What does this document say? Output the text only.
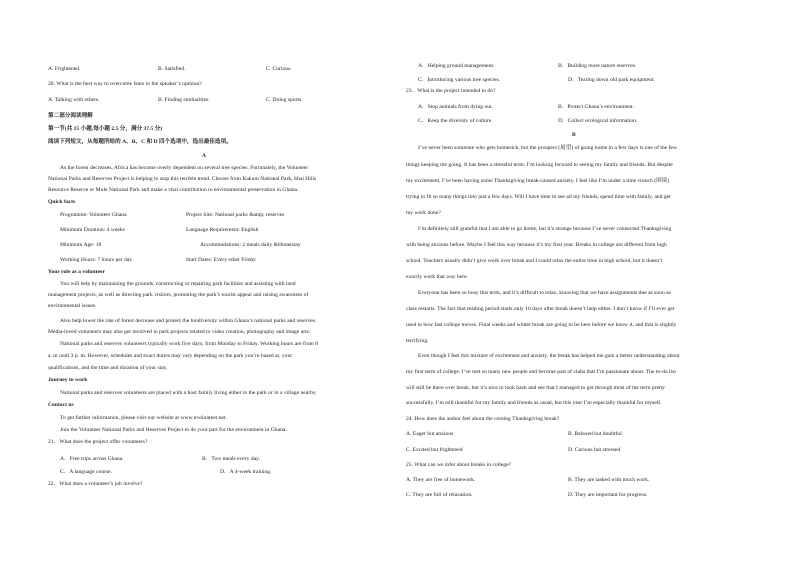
A. Frightened.	B. Satisfied.	C. Curious.
20. What is the best way to overcome fears in the speaker’s opinion?
A. Talking with others.	B. Finding similarities.	C. Doing sports.
第二部分阅读理解
第一节(共 15 小题,每小题 2.5 分，满分 37.5 分)
阅读下列短文，从每题所给的 A、B、C 和 D 四个选项中，选出最佳选项。
A
As the forest decreases, Africa has become overly dependent on several tree species. Fortunately, the Volunteer
National Parks and Reserves Project is helping to stop this terrible trend. Choose from Kakum National Park, Shai Hills
Resource Reserve or Mole National Park and make a vital contribution to environmental preservation in Ghana.
Quick facts
Programme: Volunteer Ghana	Project Site: National parks &amp; reserves
Minimum Duration: 4 weeks	Language Requirement: English
Minimum Age: 18	Accommodations: 2 meals daily &Homestay
Working Hours: 7 hours per day	Start Dates: Every other Friday
Your role as a volunteer
You will help by maintaining the grounds, constructing or repairing park facilities and assisting with land
management projects, as well as directing park visitors, promoting the park’s tourist appeal and raising awareness of
environmental issues.
Also help lower the rate of forest decrease and protect the biodiversity within Ghana’s national parks and reserves.
Media-loved volunteers may also get involved in park projects related to video creation, photography and image arts.
National parks and reserves volunteers typically work five days, from Monday to Friday. Working hours are from 8
a. m until 3 p. m. However, schedules and exact duties may vary depending on the park you’re based at, your
qualifications, and the time and duration of your stay.
Journey to work
National parks and reserves volunteers are placed with a host family living either in the park or in a village nearby.
Contact us
To get further information, please visit our website at www.uvolunteer.net.
Join the Volunteer National Parks and Reserves Project to do your part for the environment in Ghana.
21．What does the project offer volunteers?
A．Free trips across Ghana.	B．Two meals every day.
C．A language course.	D．A 4-week training.
22．What does a volunteer’s job involve?
A．Helping ground management.	B．Building more nature reserves.
C．Introducing various tree species.	D．Tearing down old park equipment.
23．What is the project intended to do?
A．Stop animals from dying out.	B．Protect Ghana’s environment.
C．Keep the diversity of culture.	D．Collect ecological information.
B
I’ve never been someone who gets homesick, but the prospect (展望) of going home in a few days is one of the few
things keeping me going. It has been a stressful term. I’m looking forward to seeing my family and friends. But despite
my excitement, I’ve been having some Thanksgiving break-caused anxiety. I feel like I’m under a time crunch (困境)
trying to fit so many things into just a few days. Will I have time to see all my friends, spend time with family, and get
my work done?
I’m definitely still grateful that I am able to go home, but it’s strange because I’ve never connected Thanksgiving
with being anxious before. Maybe I feel this way because it’s my first year. Breaks in college are different from high
school. Teachers usually didn’t give work over break and I could relax the entire time in high school, but it doesn’t
exactly work that way here.
Everyone has been so busy this term, and it’s difficult to relax, knowing that we have assignments due as soon as
class restarts. The fact that reading period starts only 10 days after break doesn’t help either. I don’t know if I’ll ever get
used to how fast college moves. Final weeks and winter break are going to be here before we know it, and that is slightly
terrifying.
Even though I feel this mixture of excitement and anxiety, the break has helped me gain a better understanding about
my first term of college. I’ve met so many new people and become part of clubs that I’m passionate about. The to-do list
will still be there over break, but it’s nice to look back and see that I managed to get through most of the term pretty
successfully. I’m still thankful for my family and friends as usual, but this year I’m especially thankful for myself.
24. How does the author feel about the coming Thanksgiving break?
A. Eager but anxious	B. Relaxed but doubtful
C. Excited but frightened	D. Curious but stressed
25. What can we infer about breaks in college?
A. They are free of homework.	B. They are tasked with much work.
C. They are full of relaxation.	D. They are important for progress.
